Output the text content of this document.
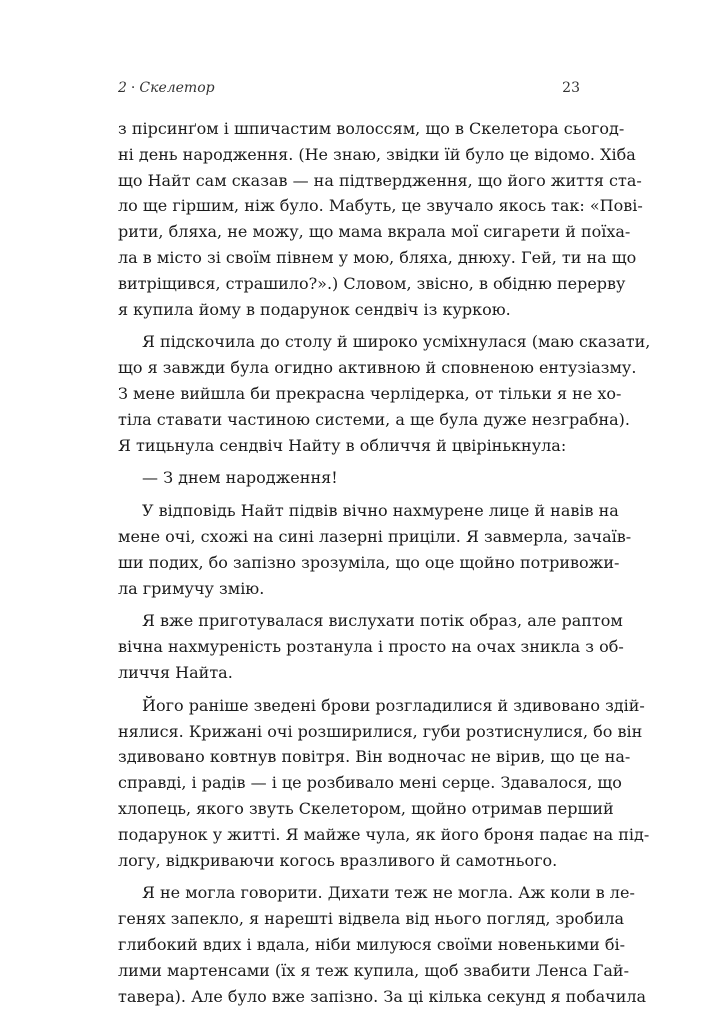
2 · Скелетор	23
з пірсинґом і шпичастим волоссям, що в Скелетора сьогод-
ні день народження. (Не знаю, звідки їй було це відомо. Хіба
що Найт сам сказав — на підтвердження, що його життя ста-
ло ще гіршим, ніж було. Мабуть, це звучало якось так: «Пові-
рити, бляха, не можу, що мама вкрала мої сигарети й поїха-
ла в місто зі своїм півнем у мою, бляха, днюху. Гей, ти на що
витріщився, страшило?».) Словом, звісно, в обідню перерву
я купила йому в подарунок сендвіч із куркою.
Я підскочила до столу й широко усміхнулася (маю сказати,
що я завжди була огидно активною й сповненою ентузіазму.
З мене вийшла би прекрасна черлідерка, от тільки я не хо-
тіла ставати частиною системи, а ще була дуже незграбна).
Я тицьнула сендвіч Найту в обличчя й цвірінькнула:
— З днем народження!
У відповідь Найт підвів вічно нахмурене лице й навів на
мене очі, схожі на сині лазерні приціли. Я завмерла, зачаїв-
ши подих, бо запізно зрозуміла, що оце щойно потривожи-
ла гримучу змію.
Я вже приготувалася вислухати потік образ, але раптом
вічна нахмуреність розтанула і просто на очах зникла з об-
личчя Найта.
Його раніше зведені брови розгладилися й здивовано здій-
нялися. Крижані очі розширилися, губи розтиснулися, бо він
здивовано ковтнув повітря. Він водночас не вірив, що це на-
справді, і радів — і це розбивало мені серце. Здавалося, що
хлопець, якого звуть Скелетором, щойно отримав перший
подарунок у житті. Я майже чула, як його броня падає на під-
логу, відкриваючи когось вразливого й самотнього.
Я не могла говорити. Дихати теж не могла. Аж коли в ле-
генях запекло, я нарешті відвела від нього погляд, зробила
глибокий вдих і вдала, ніби милуюся своїми новенькими бі-
лими мартенсами (їх я теж купила, щоб звабити Ленса Гай-
тавера). Але було вже запізно. За ці кілька секунд я побачила
